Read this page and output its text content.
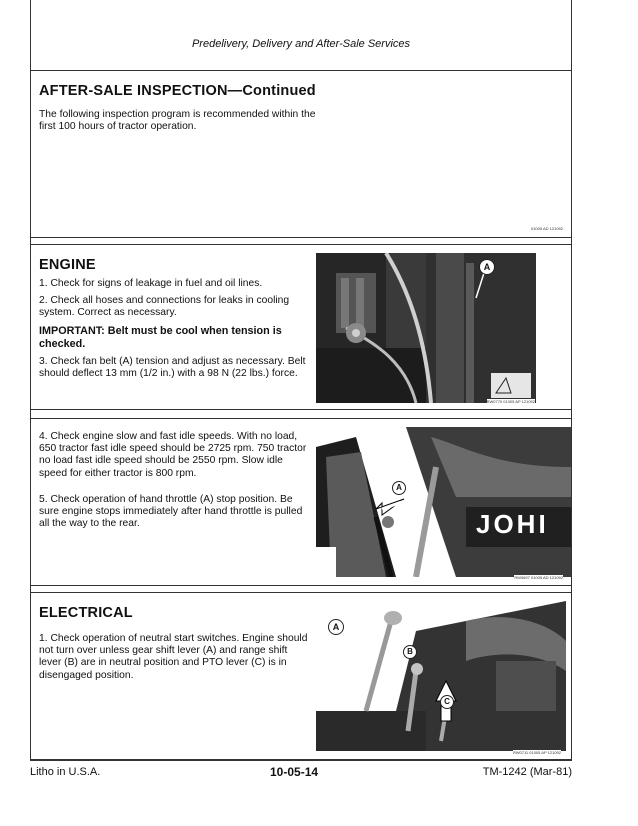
Predelivery, Delivery and After-Sale Services
AFTER-SALE INSPECTION—Continued

The following inspection program is recommended within the first 100 hours of tractor operation.

01005 AD 121092
ENGINE

1. Check for signs of leakage in fuel and oil lines.

2. Check all hoses and connections for leaks in cooling system. Correct as necessary.

IMPORTANT: Belt must be cool when tension is checked.

3. Check fan belt (A) tension and adjust as necessary. Belt should deflect 13 mm (1/2 in.) with a 98 N (22 lbs.) force.

A
RW0770 01005 AP 121092

4. Check engine slow and fast idle speeds. With no load, 650 tractor fast idle speed should be 2725 rpm. 750 tractor no load fast idle speed should be 2550 rpm. Slow idle speed for either tractor is 800 rpm.

5. Check operation of hand throttle (A) stop position. Be sure engine stops immediately after hand throttle is pulled all the way to the rear.	JOHI
A
RW0697 01005 AD 121092
ELECTRICAL

1. Check operation of neutral start switches. Engine should not turn over unless gear shift lever (A) and range shift lever (B) are in neutral position and PTO lever (C) is in disengaged position.

A
B
C
RW0711 01005 AP 121092
Litho in U.S.A.	10-05-14	TM-1242 (Mar-81)
